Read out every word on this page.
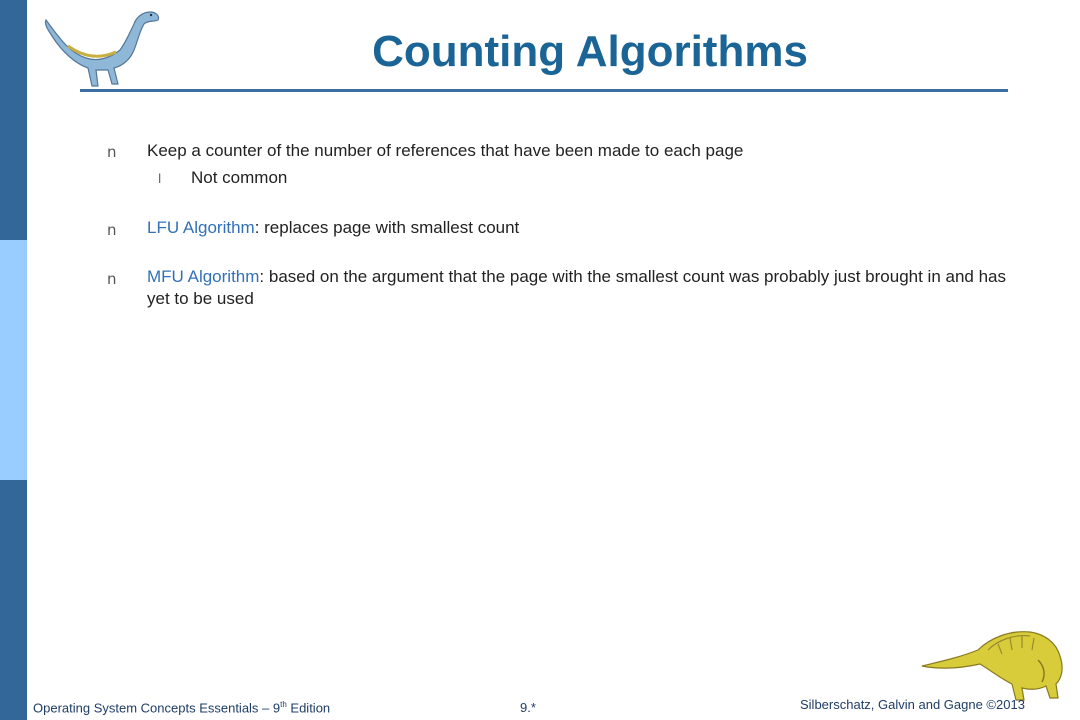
Counting Algorithms
n Keep a counter of the number of references that have been made to each page
l Not common
n LFU Algorithm: replaces page with smallest count
n MFU Algorithm: based on the argument that the page with the smallest count was probably just brought in and has yet to be used
Operating System Concepts Essentials – 9th Edition	9.*	Silberschatz, Galvin and Gagne ©2013
